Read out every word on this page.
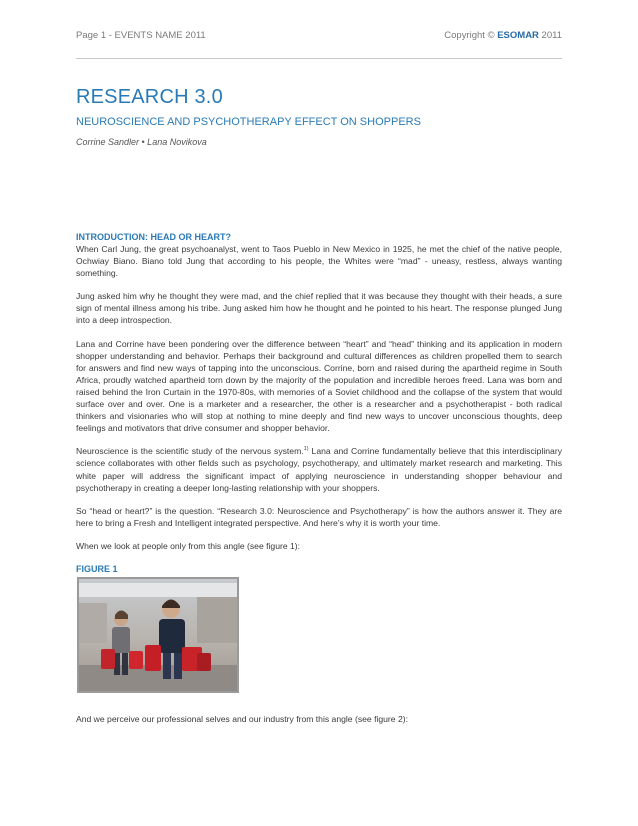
Page 1 - EVENTS NAME 2011	Copyright © ESOMAR 2011
RESEARCH 3.0
NEUROSCIENCE AND PSYCHOTHERAPY EFFECT ON SHOPPERS

Corrine Sandler • Lana Novikova

INTRODUCTION: HEAD OR HEART?

When Carl Jung, the great psychoanalyst, went to Taos Pueblo in New Mexico in 1925, he met the chief of the native people, Ochwiay Biano. Biano told Jung that according to his people, the Whites were “mad” - uneasy, restless, always wanting something.

Jung asked him why he thought they were mad, and the chief replied that it was because they thought with their heads, a sure sign of mental illness among his tribe. Jung asked him how he thought and he pointed to his heart. The response plunged Jung into a deep introspection.

Lana and Corrine have been pondering over the difference between “heart” and “head” thinking and its application in modern shopper understanding and behavior. Perhaps their background and cultural differences as children propelled them to search for answers and find new ways of tapping into the unconscious. Corrine, born and raised during the apartheid regime in South Africa, proudly watched apartheid torn down by the majority of the population and incredible heroes freed. Lana was born and raised behind the Iron Curtain in the 1970-80s, with memories of a Soviet childhood and the collapse of the system that would surface over and over. One is a marketer and a researcher, the other is a researcher and a psychotherapist - both radical thinkers and visionaries who will stop at nothing to mine deeply and find new ways to uncover unconscious thoughts, deep feelings and motivators that drive consumer and shopper behavior.

Neuroscience is the scientific study of the nervous system.$^{1)}$ Lana and Corrine fundamentally believe that this interdisciplinary science collaborates with other fields such as psychology, psychotherapy, and ultimately market research and marketing. This white paper will address the significant impact of applying neuroscience in understanding shopper behaviour and psychotherapy in creating a deeper long-lasting relationship with your shoppers.

So “head or heart?” is the question. “Research 3.0: Neuroscience and Psychotherapy” is how the authors answer it. They are here to bring a Fresh and Intelligent integrated perspective. And here’s why it is worth your time.

When we look at people only from this angle (see figure 1):

FIGURE 1

And we perceive our professional selves and our industry from this angle (see figure 2):
